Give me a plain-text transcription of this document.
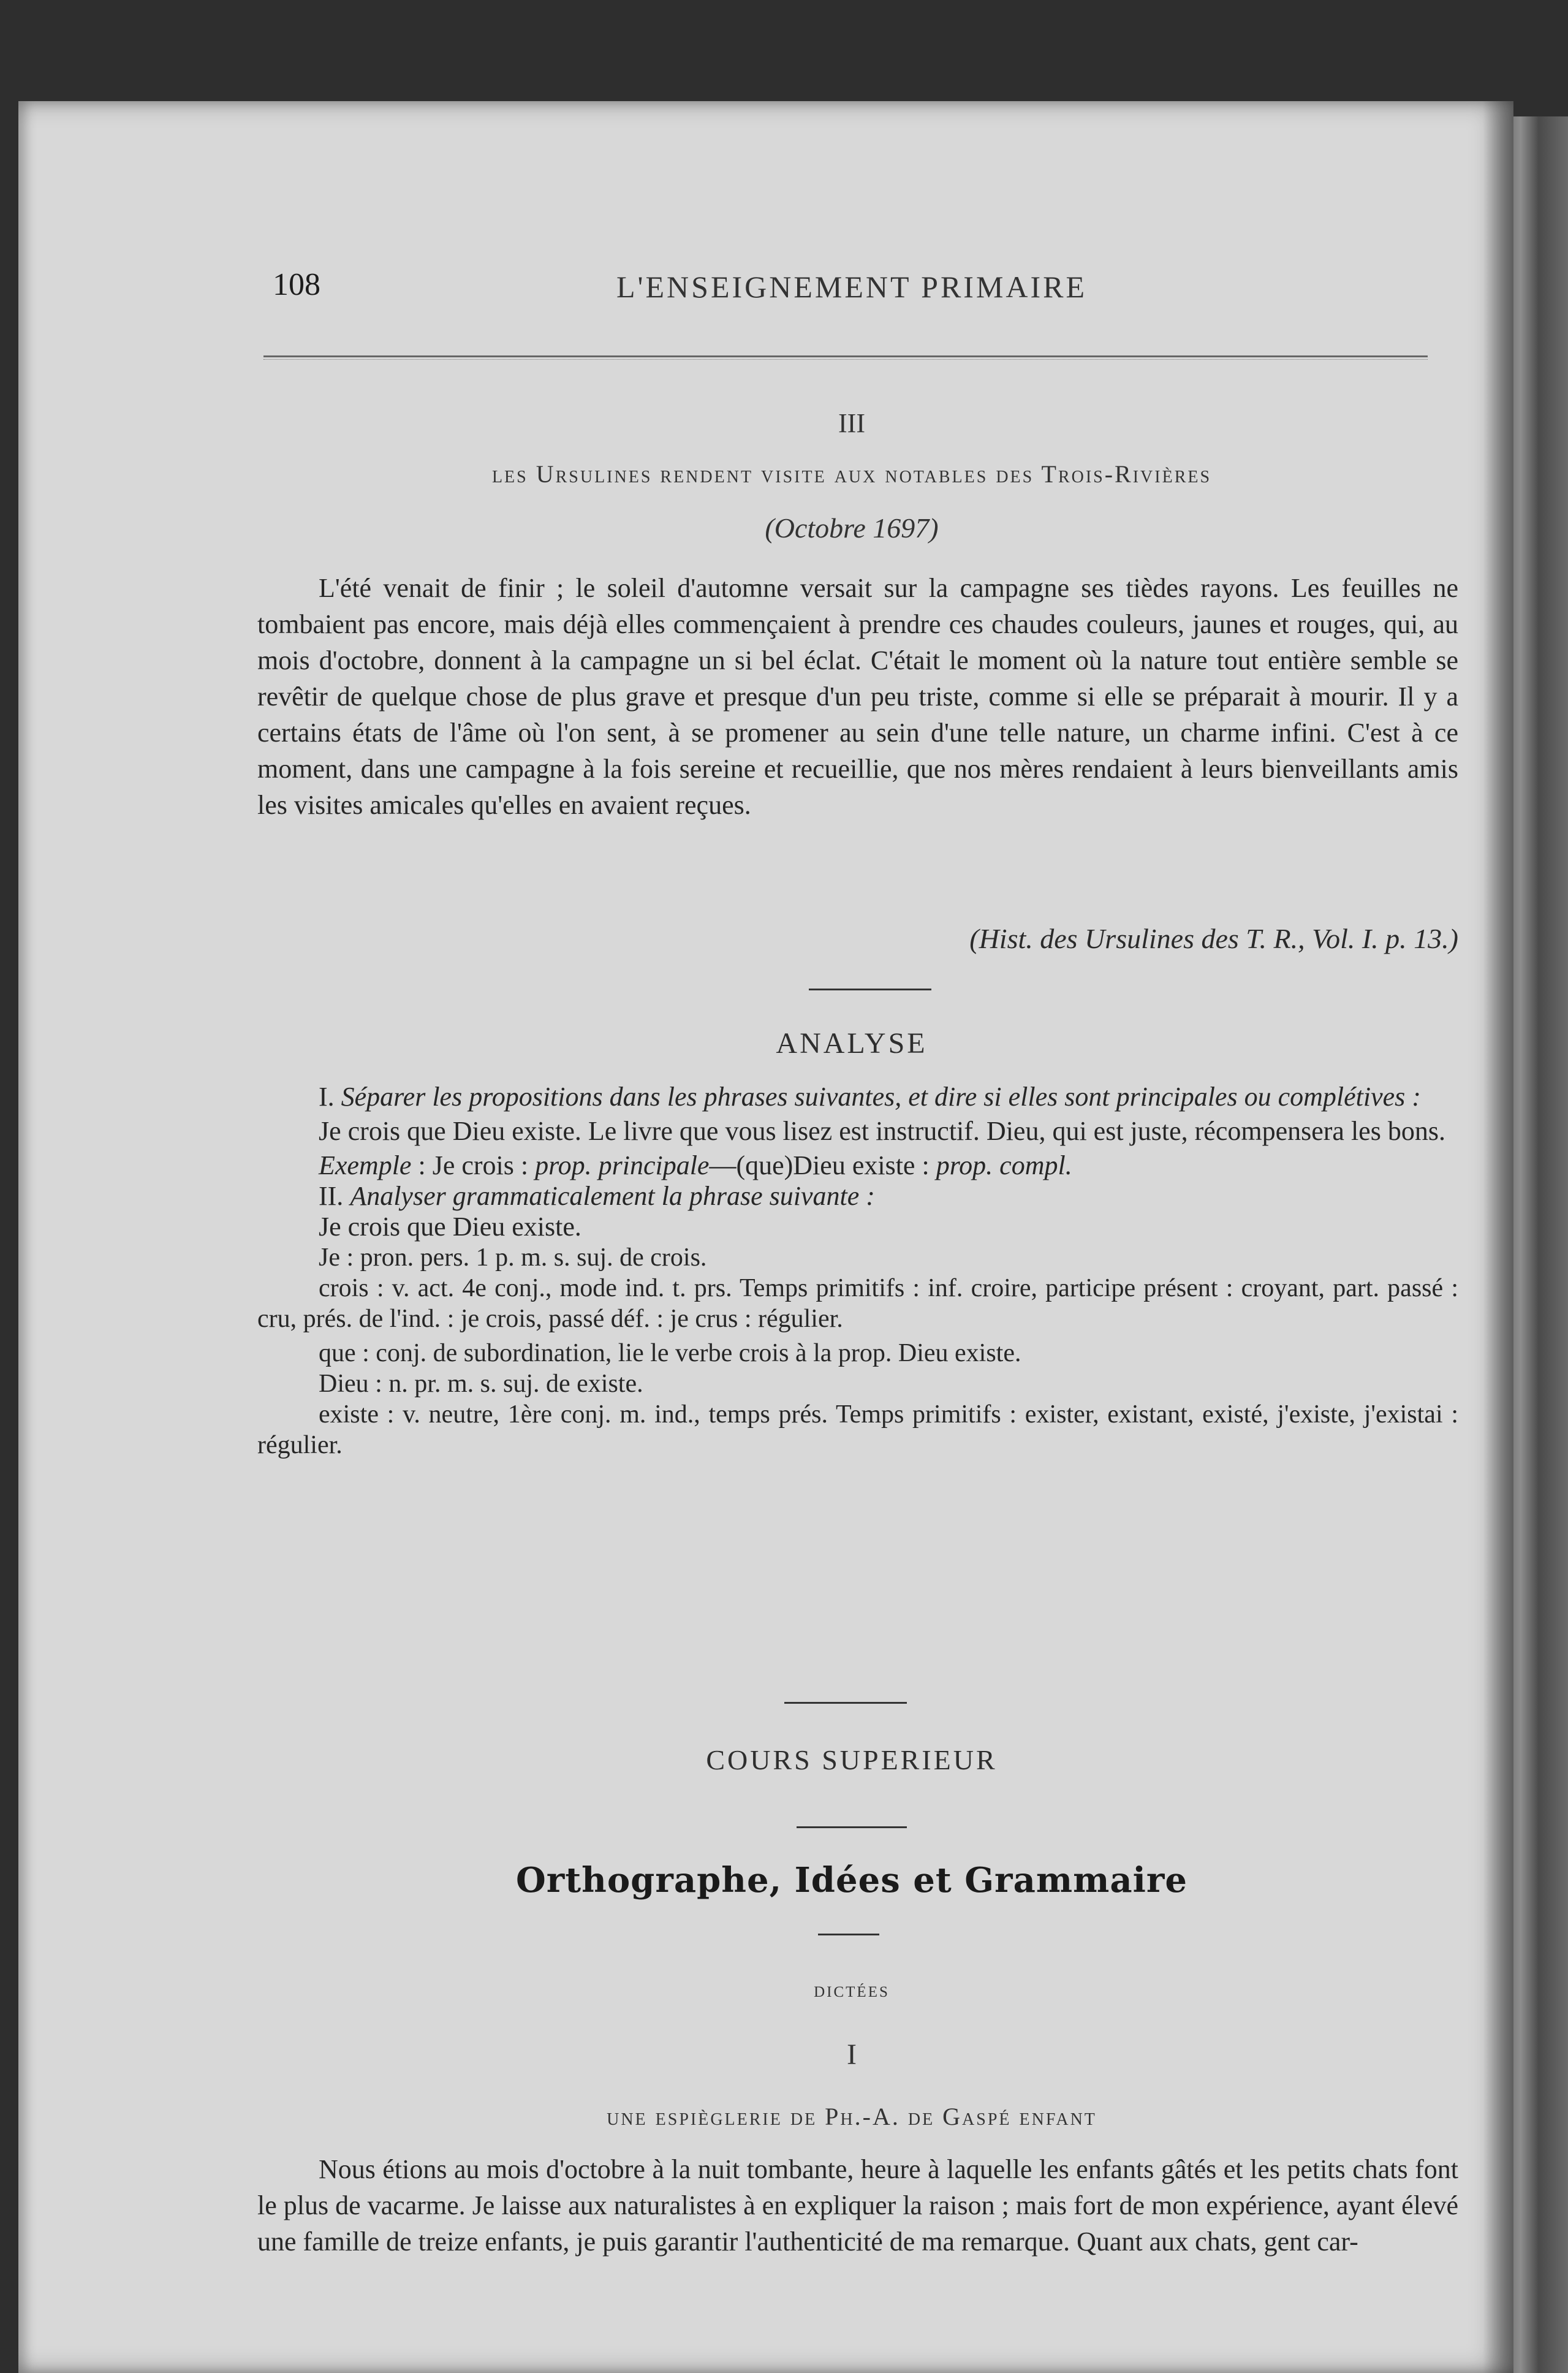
108	L'ENSEIGNEMENT PRIMAIRE
III
les Ursulines rendent visite aux notables des Trois-Rivières
(Octobre 1697)
L'été venait de finir ; le soleil d'automne versait sur la campagne ses tièdes rayons. Les feuilles ne tombaient pas encore, mais déjà elles commençaient à prendre ces chaudes couleurs, jaunes et rouges, qui, au mois d'octobre, donnent à la campagne un si bel éclat. C'était le moment où la nature tout entière semble se revêtir de quelque chose de plus grave et presque d'un peu triste, comme si elle se préparait à mourir. Il y a certains états de l'âme où l'on sent, à se promener au sein d'une telle nature, un charme infini. C'est à ce moment, dans une campagne à la fois sereine et recueillie, que nos mères rendaient à leurs bienveillants amis les visites amicales qu'elles en avaient reçues.
(Hist. des Ursulines des T. R., Vol. I. p. 13.)
ANALYSE
I. Séparer les propositions dans les phrases suivantes, et dire si elles sont principales ou complétives :
Je crois que Dieu existe. Le livre que vous lisez est instructif. Dieu, qui est juste, récompensera les bons.
Exemple : Je crois : prop. principale—(que)Dieu existe : prop. compl.
II. Analyser grammaticalement la phrase suivante :
Je crois que Dieu existe.
Je : pron. pers. 1 p. m. s. suj. de crois.
crois : v. act. 4e conj., mode ind. t. prs. Temps primitifs : inf. croire, participe présent : croyant, part. passé : cru, prés. de l'ind. : je crois, passé déf. : je crus : régulier.
que : conj. de subordination, lie le verbe crois à la prop. Dieu existe.
Dieu : n. pr. m. s. suj. de existe.
existe : v. neutre, 1ère conj. m. ind., temps prés. Temps primitifs : exister, existant, existé, j'existe, j'existai : régulier.
COURS SUPERIEUR
Orthographe, Idées et Grammaire
dictées
I
une espièglerie de Ph.-A. de Gaspé enfant
Nous étions au mois d'octobre à la nuit tombante, heure à laquelle les enfants gâtés et les petits chats font le plus de vacarme. Je laisse aux naturalistes à en expliquer la raison ; mais fort de mon expérience, ayant élevé une famille de treize enfants, je puis garantir l'authenticité de ma remarque. Quant aux chats, gent car-
